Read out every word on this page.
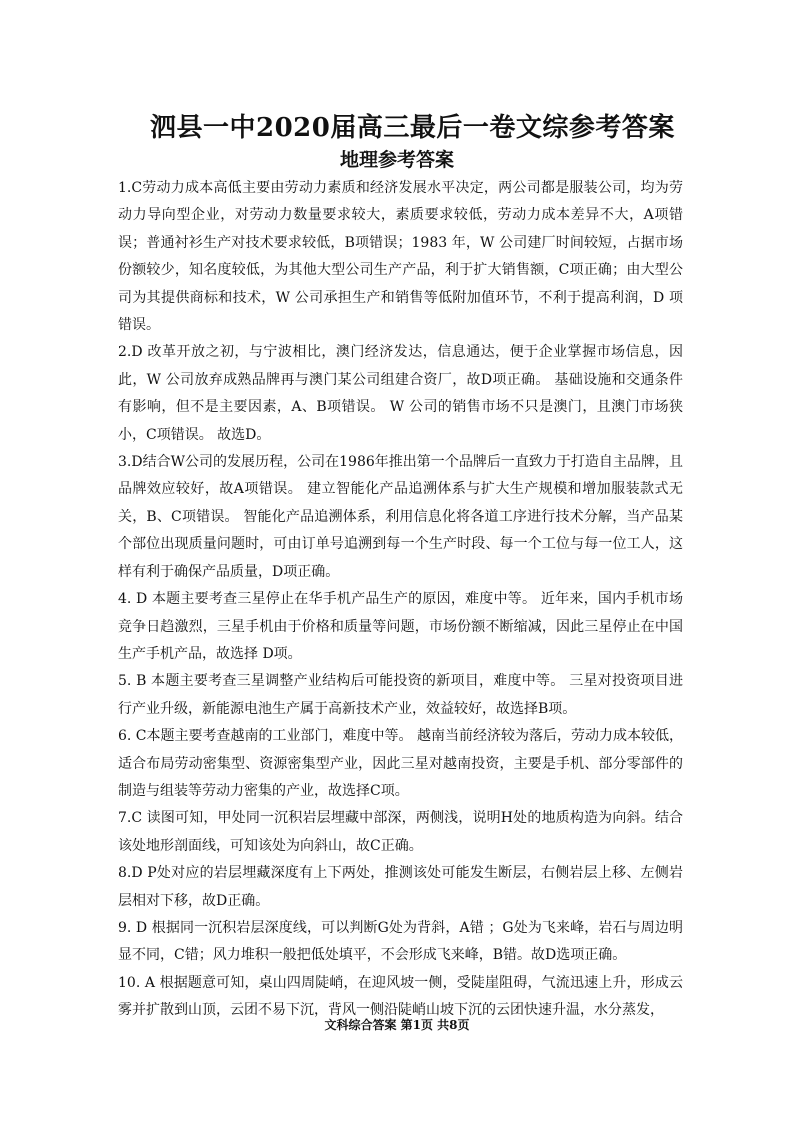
泗县一中2020届高三最后一卷文综参考答案
地理参考答案

1.C劳动力成本高低主要由劳动力素质和经济发展水平决定，两公司都是服装公司，均为劳动力导向型企业，对劳动力数量要求较大，素质要求较低，劳动力成本差异不大，A项错误；普通衬衫生产对技术要求较低，B项错误；1983 年，W 公司建厂时间较短，占据市场份额较少，知名度较低，为其他大型公司生产产品，利于扩大销售额，C项正确；由大型公司为其提供商标和技术，W 公司承担生产和销售等低附加值环节，不利于提高利润，D 项错误。

2.D 改革开放之初，与宁波相比，澳门经济发达，信息通达，便于企业掌握市场信息，因此，W 公司放弃成熟品牌再与澳门某公司组建合资厂，故D项正确。 基础设施和交通条件有影响，但不是主要因素，A、B项错误。 W 公司的销售市场不只是澳门，且澳门市场狭小，C项错误。 故选D。

3.D结合W公司的发展历程，公司在1986年推出第一个品牌后一直致力于打造自主品牌，且品牌效应较好，故A项错误。 建立智能化产品追溯体系与扩大生产规模和增加服装款式无关，B、C项错误。 智能化产品追溯体系，利用信息化将各道工序进行技术分解，当产品某个部位出现质量问题时，可由订单号追溯到每一个生产时段、每一个工位与每一位工人，这样有利于确保产品质量，D项正确。

4. D 本题主要考查三星停止在华手机产品生产的原因，难度中等。 近年来，国内手机市场竞争日趋激烈，三星手机由于价格和质量等问题，市场份额不断缩减，因此三星停止在中国生产手机产品，故选择 D项。

5. B 本题主要考查三星调整产业结构后可能投资的新项目，难度中等。 三星对投资项目进行产业升级，新能源电池生产属于高新技术产业，效益较好，故选择B项。

6. C本题主要考查越南的工业部门，难度中等。 越南当前经济较为落后，劳动力成本较低，适合布局劳动密集型、资源密集型产业，因此三星对越南投资，主要是手机、部分零部件的制造与组装等劳动力密集的产业，故选择C项。

7.C 读图可知，甲处同一沉积岩层埋藏中部深，两侧浅，说明H处的地质构造为向斜。结合该处地形剖面线，可知该处为向斜山，故C正确。

8.D P处对应的岩层埋藏深度有上下两处，推测该处可能发生断层，右侧岩层上移、左侧岩层相对下移，故D正确。

9. D 根据同一沉积岩层深度线，可以判断G处为背斜，A错 ；G处为飞来峰，岩石与周边明显不同，C错；风力堆积一般把低处填平，不会形成飞来峰，B错。故D选项正确。

10. A 根据题意可知，桌山四周陡峭，在迎风坡一侧，受陡崖阻碍，气流迅速上升，形成云雾并扩散到山顶，云团不易下沉，背风一侧沿陡峭山坡下沉的云团快速升温，水分蒸发，

文科综合答案 第1页 共8页
